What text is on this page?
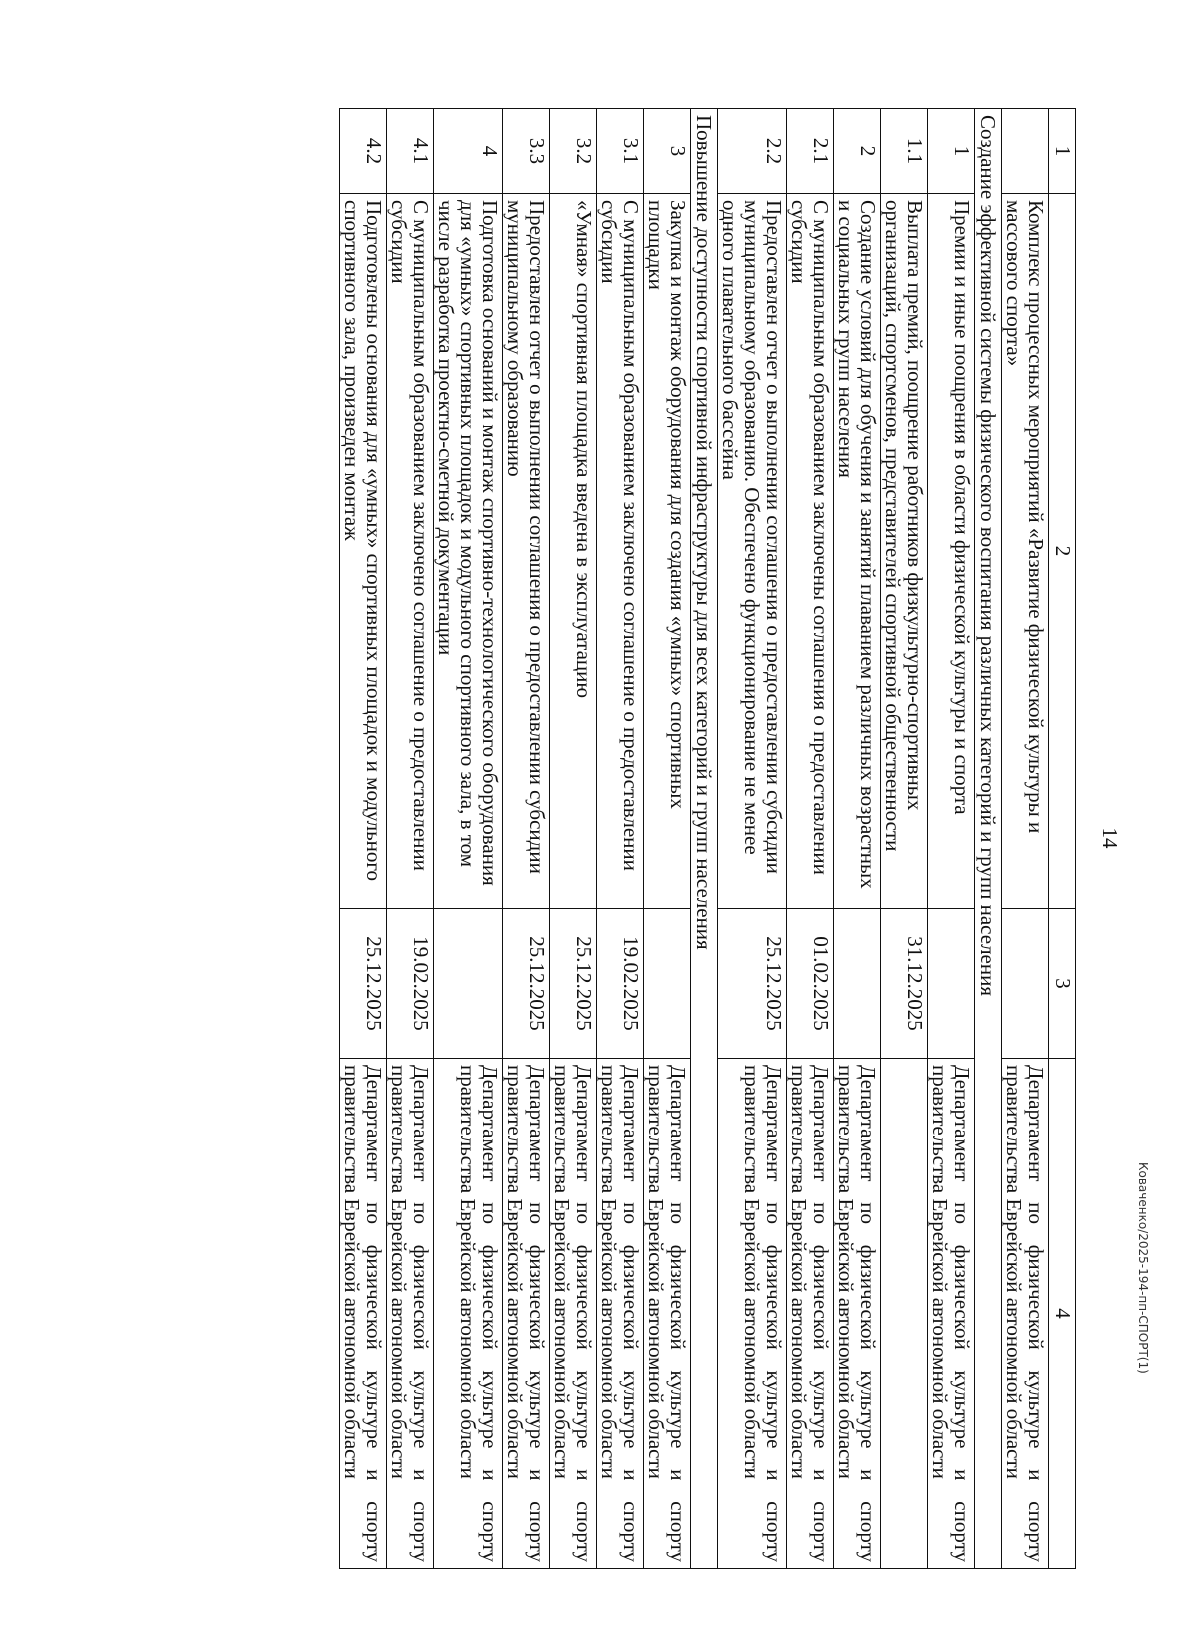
14
1	2	3	4
	Комплекс процессных мероприятий «Развитие физической культуры и массового спорта»		Департамент по физической культуре и спорту правительства Еврейской автономной области
Создание эффективной системы физического воспитания различных категорий и групп населения			
1	Премии и иные поощрения в области физической культуры и спорта		Департамент по физической культуре и спорту правительства Еврейской автономной области
1.1	Выплата премий, поощрение работников физкультурно-спортивных организаций, спортсменов, представителей спортивной общественности	31.12.2025	
2	Создание условий для обучения и занятий плаванием различных возрастных и социальных групп населения		Департамент по физической культуре и спорту правительства Еврейской автономной области
2.1	С муниципальным образованием заключены соглашения о предоставлении субсидии	01.02.2025	Департамент по физической культуре и спорту правительства Еврейской автономной области
2.2	Предоставлен отчет о выполнении соглашения о предоставлении субсидии муниципальному образованию. Обеспечено функционирование не менее одного плавательного бассейна	25.12.2025	Департамент по физической культуре и спорту правительства Еврейской автономной области
Повышение доступности спортивной инфраструктуры для всех категорий и групп населения			
3	Закупка и монтаж оборудования для создания «умных» спортивных площадки		Департамент по физической культуре и спорту правительства Еврейской автономной области
3.1	С муниципальным образованием заключено соглашение о предоставлении субсидии	19.02.2025	Департамент по физической культуре и спорту правительства Еврейской автономной области
3.2	«Умная» спортивная площадка введена в эксплуатацию	25.12.2025	Департамент по физической культуре и спорту правительства Еврейской автономной области
3.3	Предоставлен отчет о выполнении соглашения о предоставлении субсидии муниципальному образованию	25.12.2025	Департамент по физической культуре и спорту правительства Еврейской автономной области
4	Подготовка оснований и монтаж спортивно-технологического оборудования для «умных» спортивных площадок и модульного спортивного зала, в том числе разработка проектно-сметной документации		Департамент по физической культуре и спорту правительства Еврейской автономной области
4.1	С муниципальным образованием заключено соглашение о предоставлении субсидии	19.02.2025	Департамент по физической культуре и спорту правительства Еврейской автономной области
4.2	Подготовлены основания для «умных» спортивных площадок и модульного спортивного зала, произведен монтаж	25.12.2025	Департамент по физической культуре и спорту правительства Еврейской автономной области	Коваченко/2025-194-пп-СПОРТ(1)
